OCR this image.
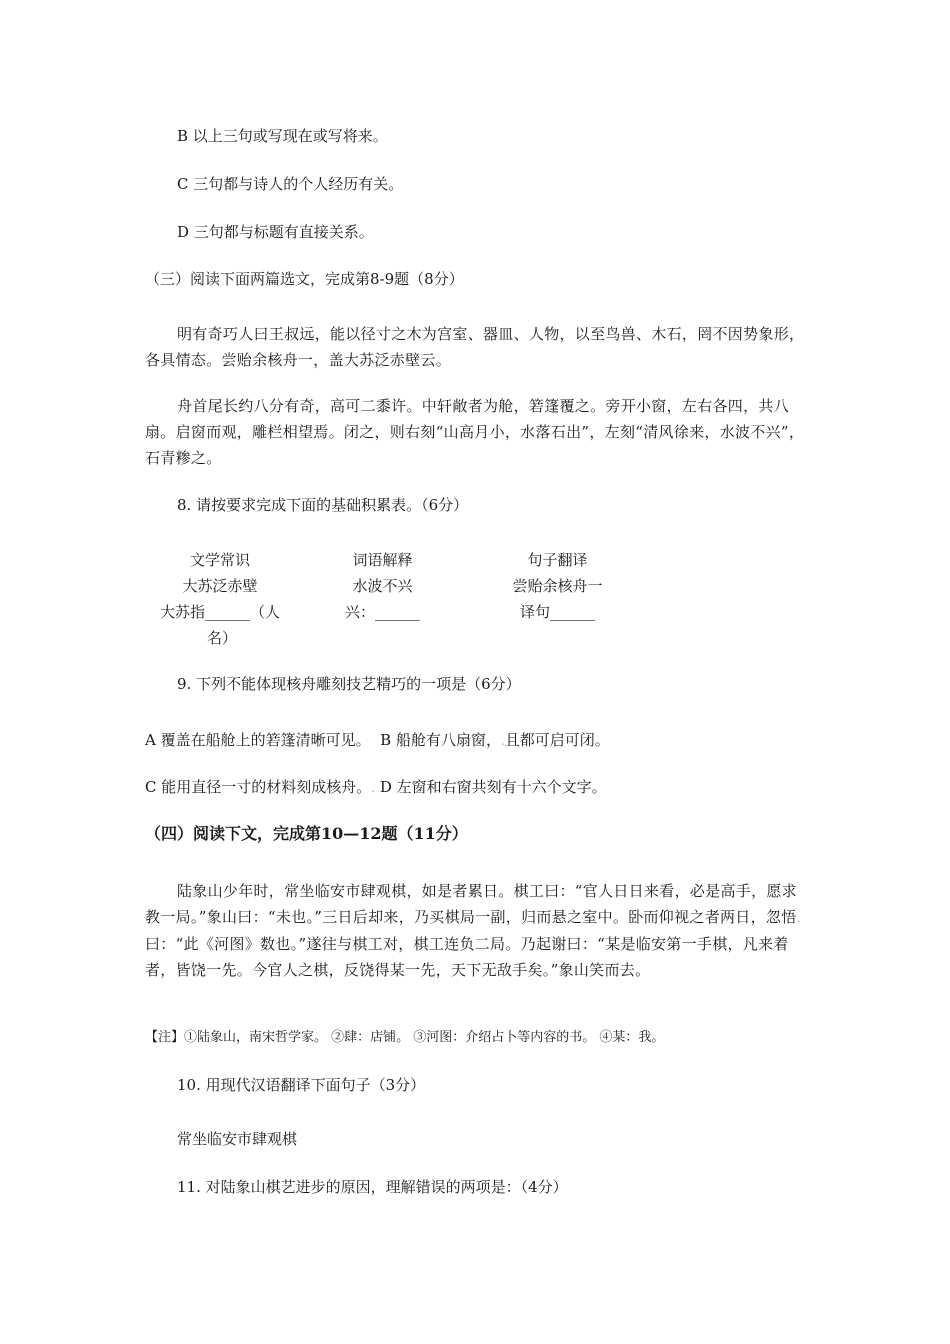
B 以上三句或写现在或写将来。
C 三句都与诗人的个人经历有关。
D 三句都与标题有直接关系。
（三）阅读下面两篇选文，完成第8-9题（8分）
明有奇巧人曰王叔远，能以径寸之木为宫室、器皿、人物，以至鸟兽、木石，罔不因势象形，各具情态。尝贻余核舟一，盖大苏泛赤壁云。
舟首尾长约八分有奇，高可二黍许。中轩敞者为舱，箬篷覆之。旁开小窗，左右各四，共八扇。启窗而观，雕栏相望焉。闭之，则右刻“山高月小，水落石出”，左刻“清风徐来，水波不兴”，石青糁之。
8. 请按要求完成下面的基础积累表。（6分）
文学常识
大苏泛赤壁
大苏指______（人
名）
词语解释
水波不兴
兴：______
句子翻译
尝贻余核舟一
译句______
9. 下列不能体现核舟雕刻技艺精巧的一项是（6分）
A 覆盖在船舱上的箬篷清晰可见。 B 船舱有八扇窗，.且都可启可闭。
C 能用直径一寸的材料刻成核舟。. D 左窗和右窗共刻有十六个文字。
（四）阅读下文，完成第10—12题（11分）
陆象山少年时，常坐临安市肆观棋，如是者累日。棋工曰：“官人日日来看，必是高手，愿求教一局。”象山曰：“未也。”三日后却来，乃买棋局一副，归而悬之室中。卧而仰视之者两日，忽悟.曰：“此《河图》数也。”遂往与棋工对，棋工连负二局。乃起谢曰：“某是临安第一手棋，凡来着者，皆饶一先。今官人之棋，反饶得某一先，天下无敌手矣。”象山笑而去。
【注】①陆象山，南宋哲学家。 ②肆：店铺。 ③河图：介绍占卜等内容的书。 ④某：我。
10. 用现代汉语翻译下面句子（3分）
常坐临安市肆观棋
11. 对陆象山棋艺进步的原因，理解错误的两项是：（4分）
